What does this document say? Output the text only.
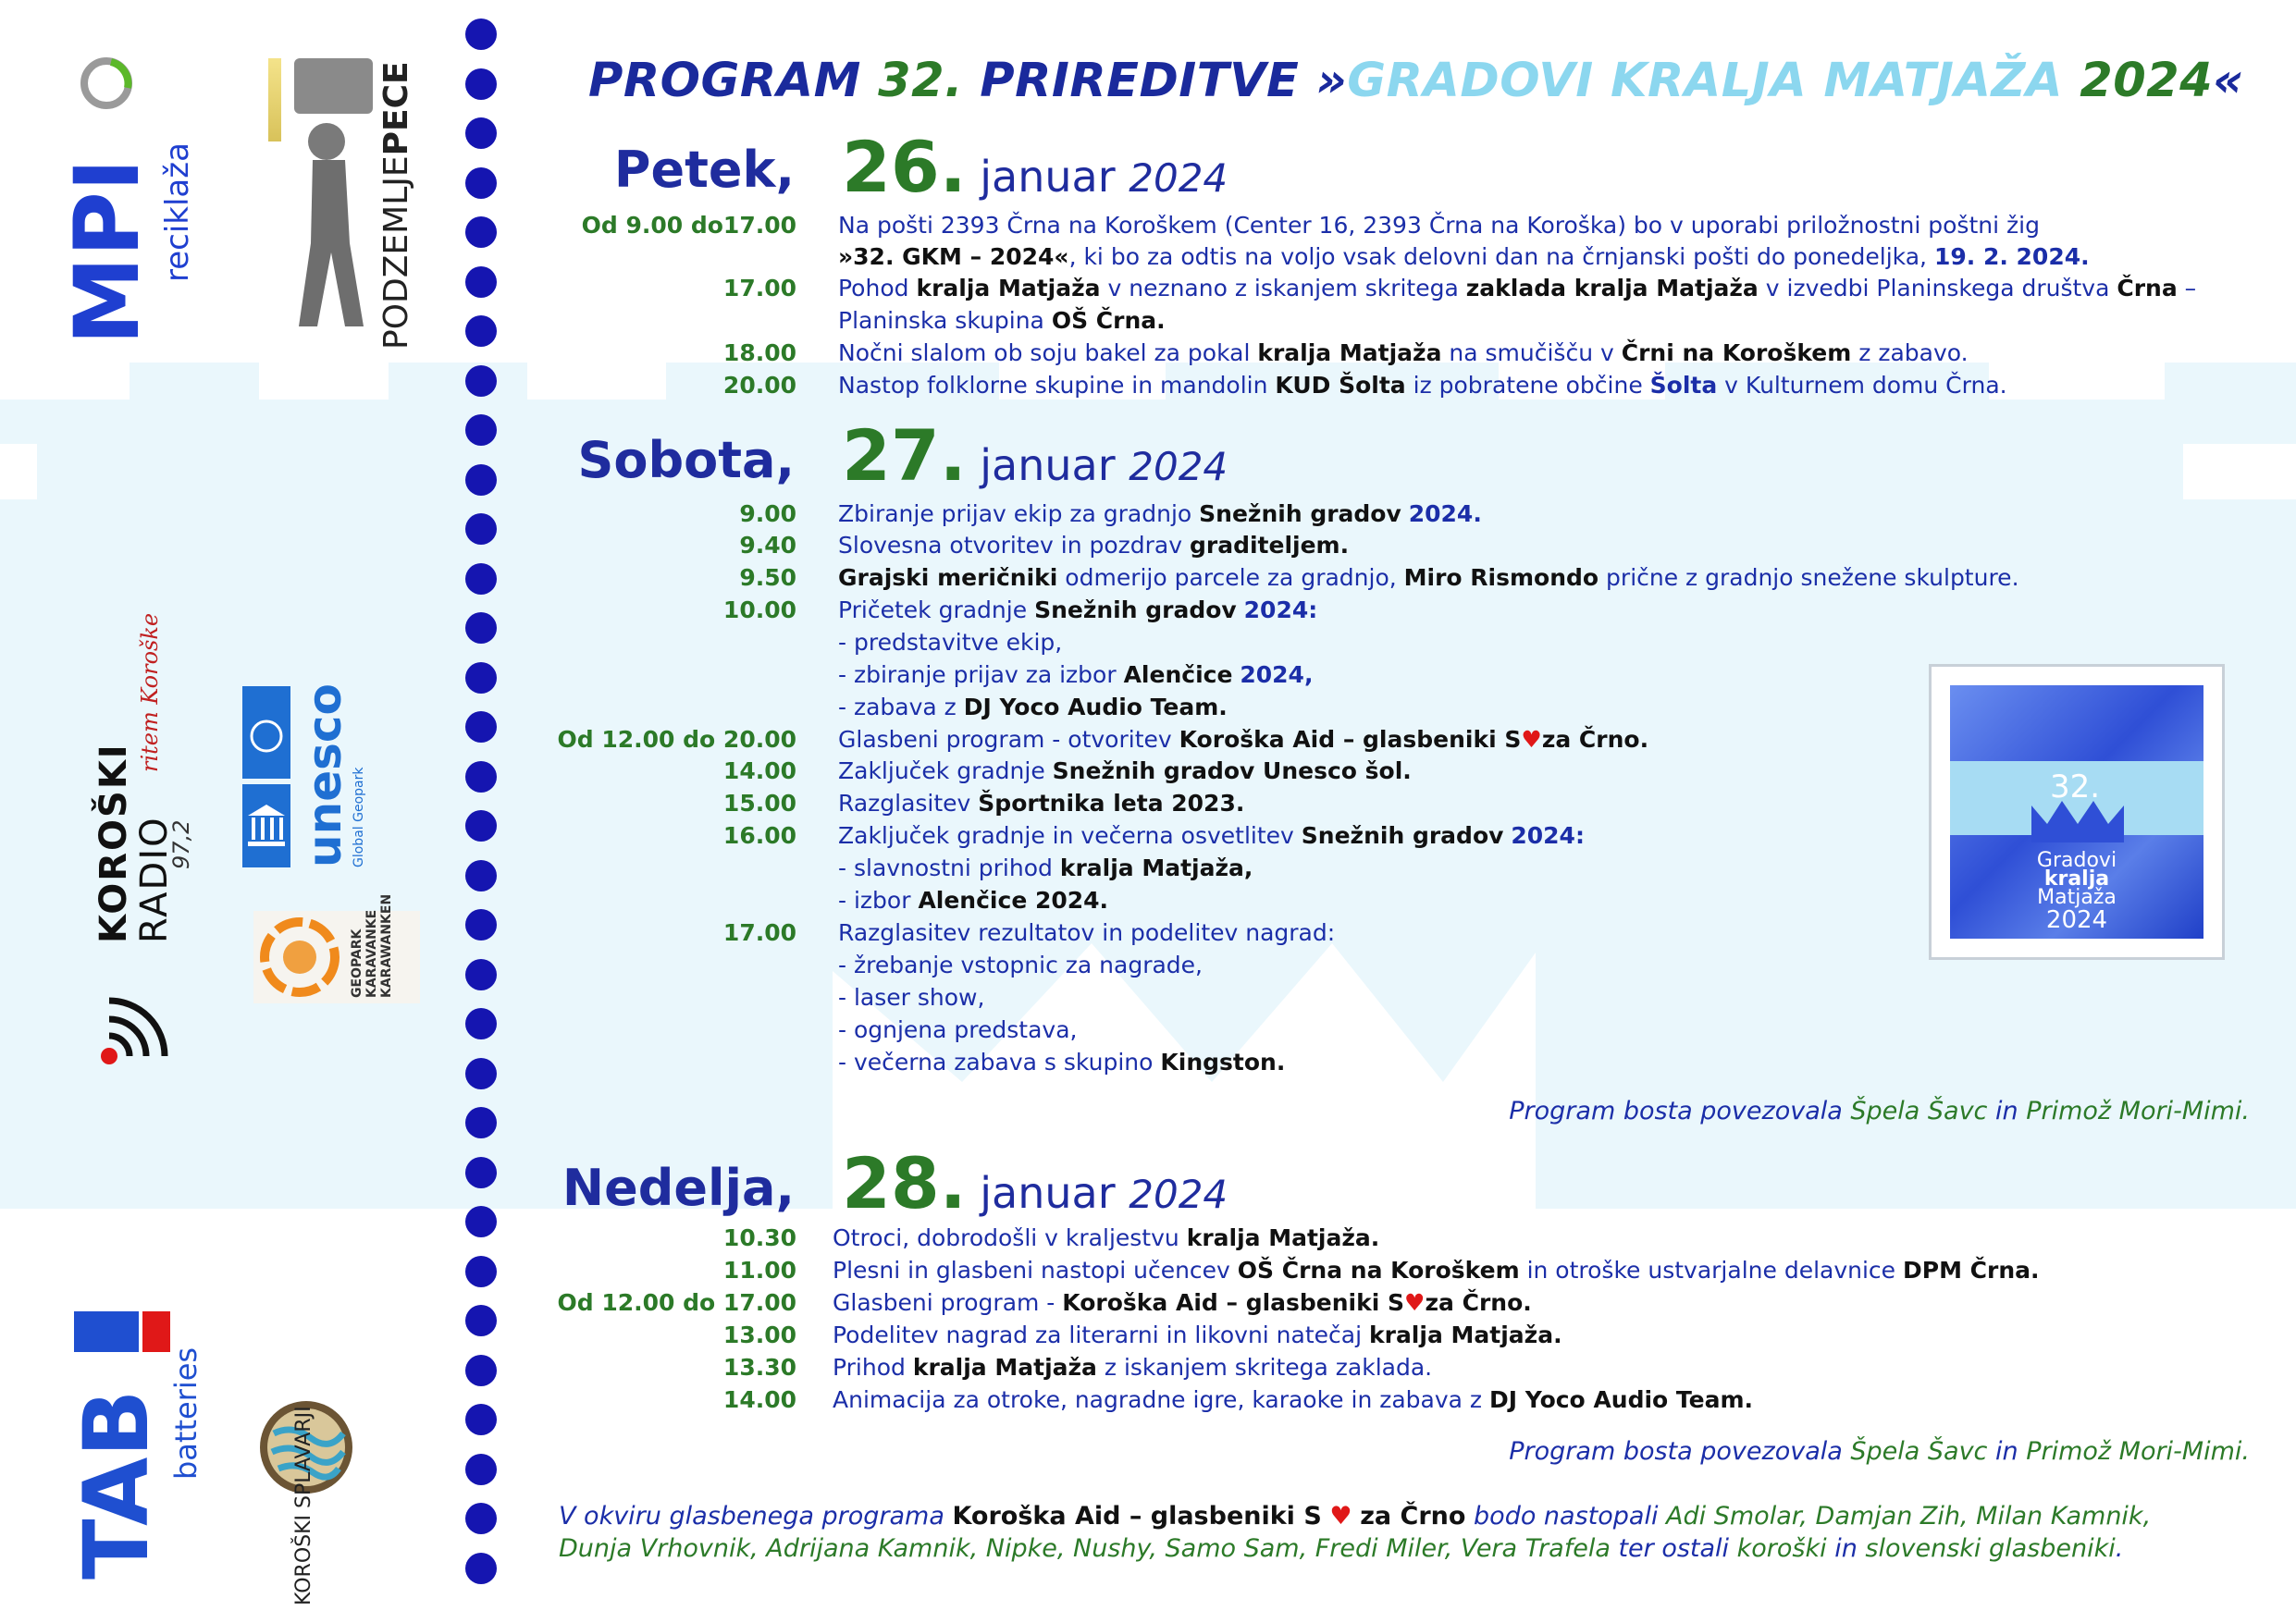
PROGRAM 32. PRIREDITVE »GRADOVI KRALJA MATJAŽA 2024«
Petek, 26. januar 2024
Sobota, 27. januar 2024
Nedelja, 28. januar 2024
Od 9.00 do17.00
17.00
18.00
20.00
9.00
9.40
9.50
10.00
Od 12.00 do 20.00
14.00
15.00
16.00
17.00
10.30
11.00
Od 12.00 do 17.00
13.00
13.30
14.00
Na pošti 2393 Črna na Koroškem (Center 16, 2393 Črna na Koroška) bo v uporabi priložnostni poštni žig
»32. GKM – 2024«, ki bo za odtis na voljo vsak delovni dan na črnjanski pošti do ponedeljka, 19. 2. 2024.
Pohod kralja Matjaža v neznano z iskanjem skritega zaklada kralja Matjaža v izvedbi Planinskega društva Črna –
Planinska skupina OŠ Črna.
Nočni slalom ob soju bakel za pokal kralja Matjaža na smučišču v Črni na Koroškem z zabavo.
Nastop folklorne skupine in mandolin KUD Šolta iz pobratene občine Šolta v Kulturnem domu Črna.
Zbiranje prijav ekip za gradnjo Snežnih gradov 2024.
Slovesna otvoritev in pozdrav graditeljem.
Grajski meričniki odmerijo parcele za gradnjo, Miro Rismondo prične z gradnjo snežene skulpture.
Pričetek gradnje Snežnih gradov 2024:
- predstavitve ekip,
- zbiranje prijav za izbor Alenčice 2024,
- zabava z DJ Yoco Audio Team.
Glasbeni program - otvoritev Koroška Aid – glasbeniki S♥za Črno.
Zaključek gradnje Snežnih gradov Unesco šol.
Razglasitev Športnika leta 2023.
Zaključek gradnje in večerna osvetlitev Snežnih gradov 2024:
- slavnostni prihod kralja Matjaža,
- izbor Alenčice 2024.
Razglasitev rezultatov in podelitev nagrad:
- žrebanje vstopnic za nagrade,
- laser show,
- ognjena predstava,
- večerna zabava s skupino Kingston.
Otroci, dobrodošli v kraljestvu kralja Matjaža.
Plesni in glasbeni nastopi učencev OŠ Črna na Koroškem in otroške ustvarjalne delavnice DPM Črna.
Glasbeni program - Koroška Aid – glasbeniki S♥za Črno.
Podelitev nagrad za literarni in likovni natečaj kralja Matjaža.
Prihod kralja Matjaža z iskanjem skritega zaklada.
Animacija za otroke, nagradne igre, karaoke in zabava z DJ Yoco Audio Team.
Program bosta povezovala Špela Šavc in Primož Mori-Mimi.
Program bosta povezovala Špela Šavc in Primož Mori-Mimi.
V okviru glasbenega programa Koroška Aid – glasbeniki S ♥ za Črno bodo nastopali Adi Smolar, Damjan Zih, Milan Kamnik,
Dunja Vrhovnik, Adrijana Kamnik, Nipke, Nushy, Samo Sam, Fredi Miler, Vera Trafela ter ostali koroški in slovenski glasbeniki.
32.
Gradovi
kralja
Matjaža
2024
MPI reciklaža	PODZEMLJEPECE
ritem Koroške
KOROŠKI
RADIO
97,2 unesco Global Geopark
GEOPARK KARAVANKE KARAWANKEN
TAB batteries	KOROŠKI SPLAVARJI
